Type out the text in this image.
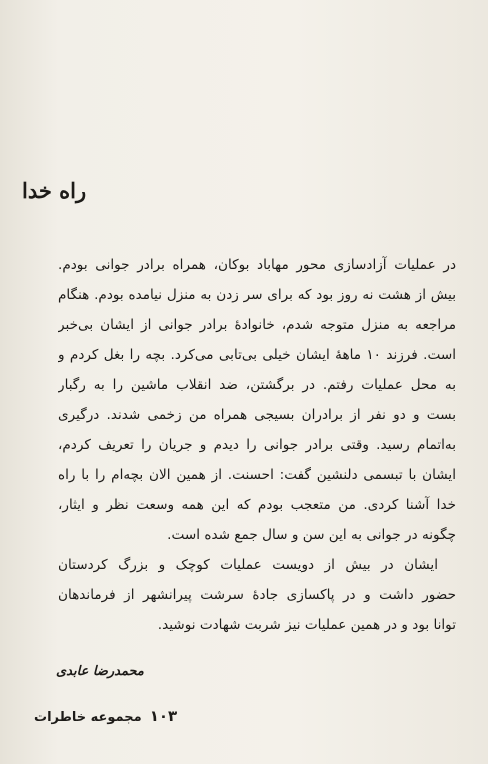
راه خدا
در عملیات آزادسازی محور مهاباد بوکان، همراه برادر جوانی بودم.
بیش از هشت نه روز بود که برای سر زدن به منزل نیامده بودم. هنگام
مراجعه به منزل متوجه شدم، خانوادهٔ برادر جوانی از ایشان بی‌خبر
است. فرزند ۱۰ ماههٔ ایشان خیلی بی‌تابی می‌کرد. بچه را بغل کردم و
به محل عملیات رفتم. در برگشتن، ضد انقلاب ماشین را به رگبار
بست و دو نفر از برادران بسیجی همراه من زخمی شدند. درگیری
به‌اتمام رسید. وقتی برادر جوانی را دیدم و جریان را تعریف کردم،
ایشان با تبسمی دلنشین گفت: احسنت. از همین الان بچه‌ام را با راه
خدا آشنا کردی. من متعجب بودم که این همه وسعت نظر و ایثار،
چگونه در جوانی به این سن و سال جمع شده است.
ایشان در بیش از دویست عملیات کوچک و بزرگ کردستان
حضور داشت و در پاکسازی جادهٔ سرشت پیرانشهر از فرماندهان
توانا بود و در همین عملیات نیز شربت شهادت نوشید.
محمدرضا عابدی
۱۰۳
مجموعه خاطرات
